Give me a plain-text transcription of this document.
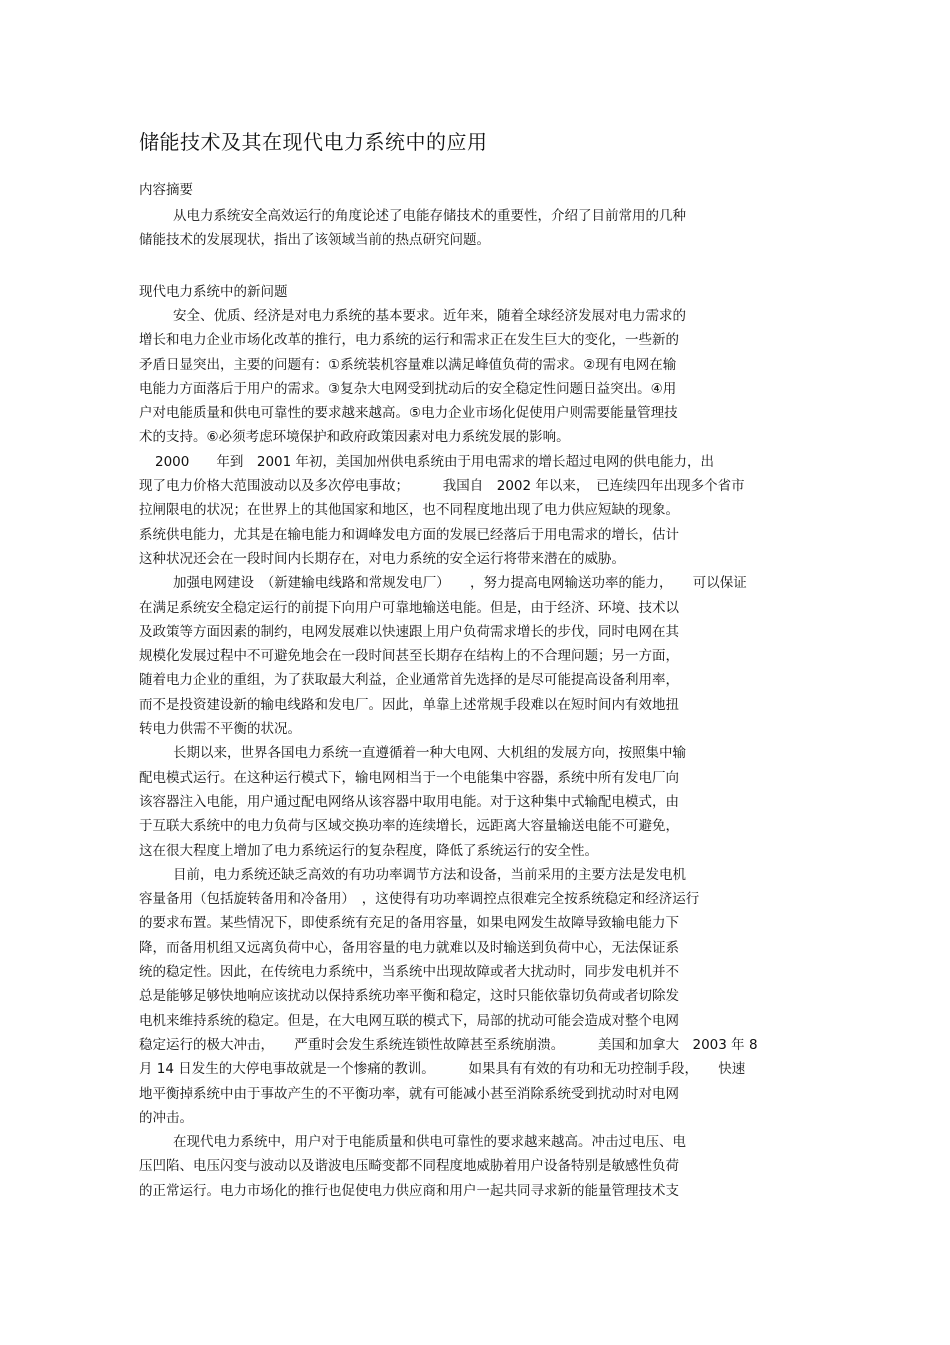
储能技术及其在现代电力系统中的应用
内容摘要
从电力系统安全高效运行的角度论述了电能存储技术的重要性，介绍了目前常用的几种
储能技术的发展现状，指出了该领域当前的热点研究问题。
现代电力系统中的新问题
安全、优质、经济是对电力系统的基本要求。近年来，随着全球经济发展对电力需求的
增长和电力企业市场化改革的推行，电力系统的运行和需求正在发生巨大的变化，一些新的
矛盾日显突出，主要的问题有：①系统装机容量难以满足峰值负荷的需求。②现有电网在输
电能力方面落后于用户的需求。③复杂大电网受到扰动后的安全稳定性问题日益突出。④用
户对电能质量和供电可靠性的要求越来越高。⑤电力企业市场化促使用户则需要能量管理技
术的支持。⑥必须考虑环境保护和政府政策因素对电力系统发展的影响。
2000　　年到　2001 年初，美国加州供电系统由于用电需求的增长超过电网的供电能力，出
现了电力价格大范围波动以及多次停电事故；　　　我国自　2002 年以来，　已连续四年出现多个省市
拉闸限电的状况；在世界上的其他国家和地区，也不同程度地出现了电力供应短缺的现象。
系统供电能力，尤其是在输电能力和调峰发电方面的发展已经落后于用电需求的增长，估计
这种状况还会在一段时间内长期存在，对电力系统的安全运行将带来潜在的威胁。
加强电网建设　（新建输电线路和常规发电厂）　　，努力提高电网输送功率的能力，　　可以保证
在满足系统安全稳定运行的前提下向用户可靠地输送电能。但是，由于经济、环境、技术以
及政策等方面因素的制约，电网发展难以快速跟上用户负荷需求增长的步伐，同时电网在其
规模化发展过程中不可避免地会在一段时间甚至长期存在结构上的不合理问题；另一方面，
随着电力企业的重组，为了获取最大利益，企业通常首先选择的是尽可能提高设备利用率，
而不是投资建设新的输电线路和发电厂。因此，单靠上述常规手段难以在短时间内有效地扭
转电力供需不平衡的状况。
长期以来，世界各国电力系统一直遵循着一种大电网、大机组的发展方向，按照集中输
配电模式运行。在这种运行模式下，输电网相当于一个电能集中容器，系统中所有发电厂向
该容器注入电能，用户通过配电网络从该容器中取用电能。对于这种集中式输配电模式，由
于互联大系统中的电力负荷与区域交换功率的连续增长，远距离大容量输送电能不可避免，
这在很大程度上增加了电力系统运行的复杂程度，降低了系统运行的安全性。
目前，电力系统还缺乏高效的有功功率调节方法和设备，当前采用的主要方法是发电机
容量备用（包括旋转备用和冷备用）　，这使得有功功率调控点很难完全按系统稳定和经济运行
的要求布置。某些情况下，即使系统有充足的备用容量，如果电网发生故障导致输电能力下
降，而备用机组又远离负荷中心，备用容量的电力就难以及时输送到负荷中心，无法保证系
统的稳定性。因此，在传统电力系统中，当系统中出现故障或者大扰动时，同步发电机并不
总是能够足够快地响应该扰动以保持系统功率平衡和稳定，这时只能依靠切负荷或者切除发
电机来维持系统的稳定。但是，在大电网互联的模式下，局部的扰动可能会造成对整个电网
稳定运行的极大冲击，　　严重时会发生系统连锁性故障甚至系统崩溃。　　　美国和加拿大　2003 年 8
月 14 日发生的大停电事故就是一个惨痛的教训。　　　如果具有有效的有功和无功控制手段，　　快速
地平衡掉系统中由于事故产生的不平衡功率，就有可能减小甚至消除系统受到扰动时对电网
的冲击。
在现代电力系统中，用户对于电能质量和供电可靠性的要求越来越高。冲击过电压、电
压凹陷、电压闪变与波动以及谐波电压畸变都不同程度地威胁着用户设备特别是敏感性负荷
的正常运行。电力市场化的推行也促使电力供应商和用户一起共同寻求新的能量管理技术支
